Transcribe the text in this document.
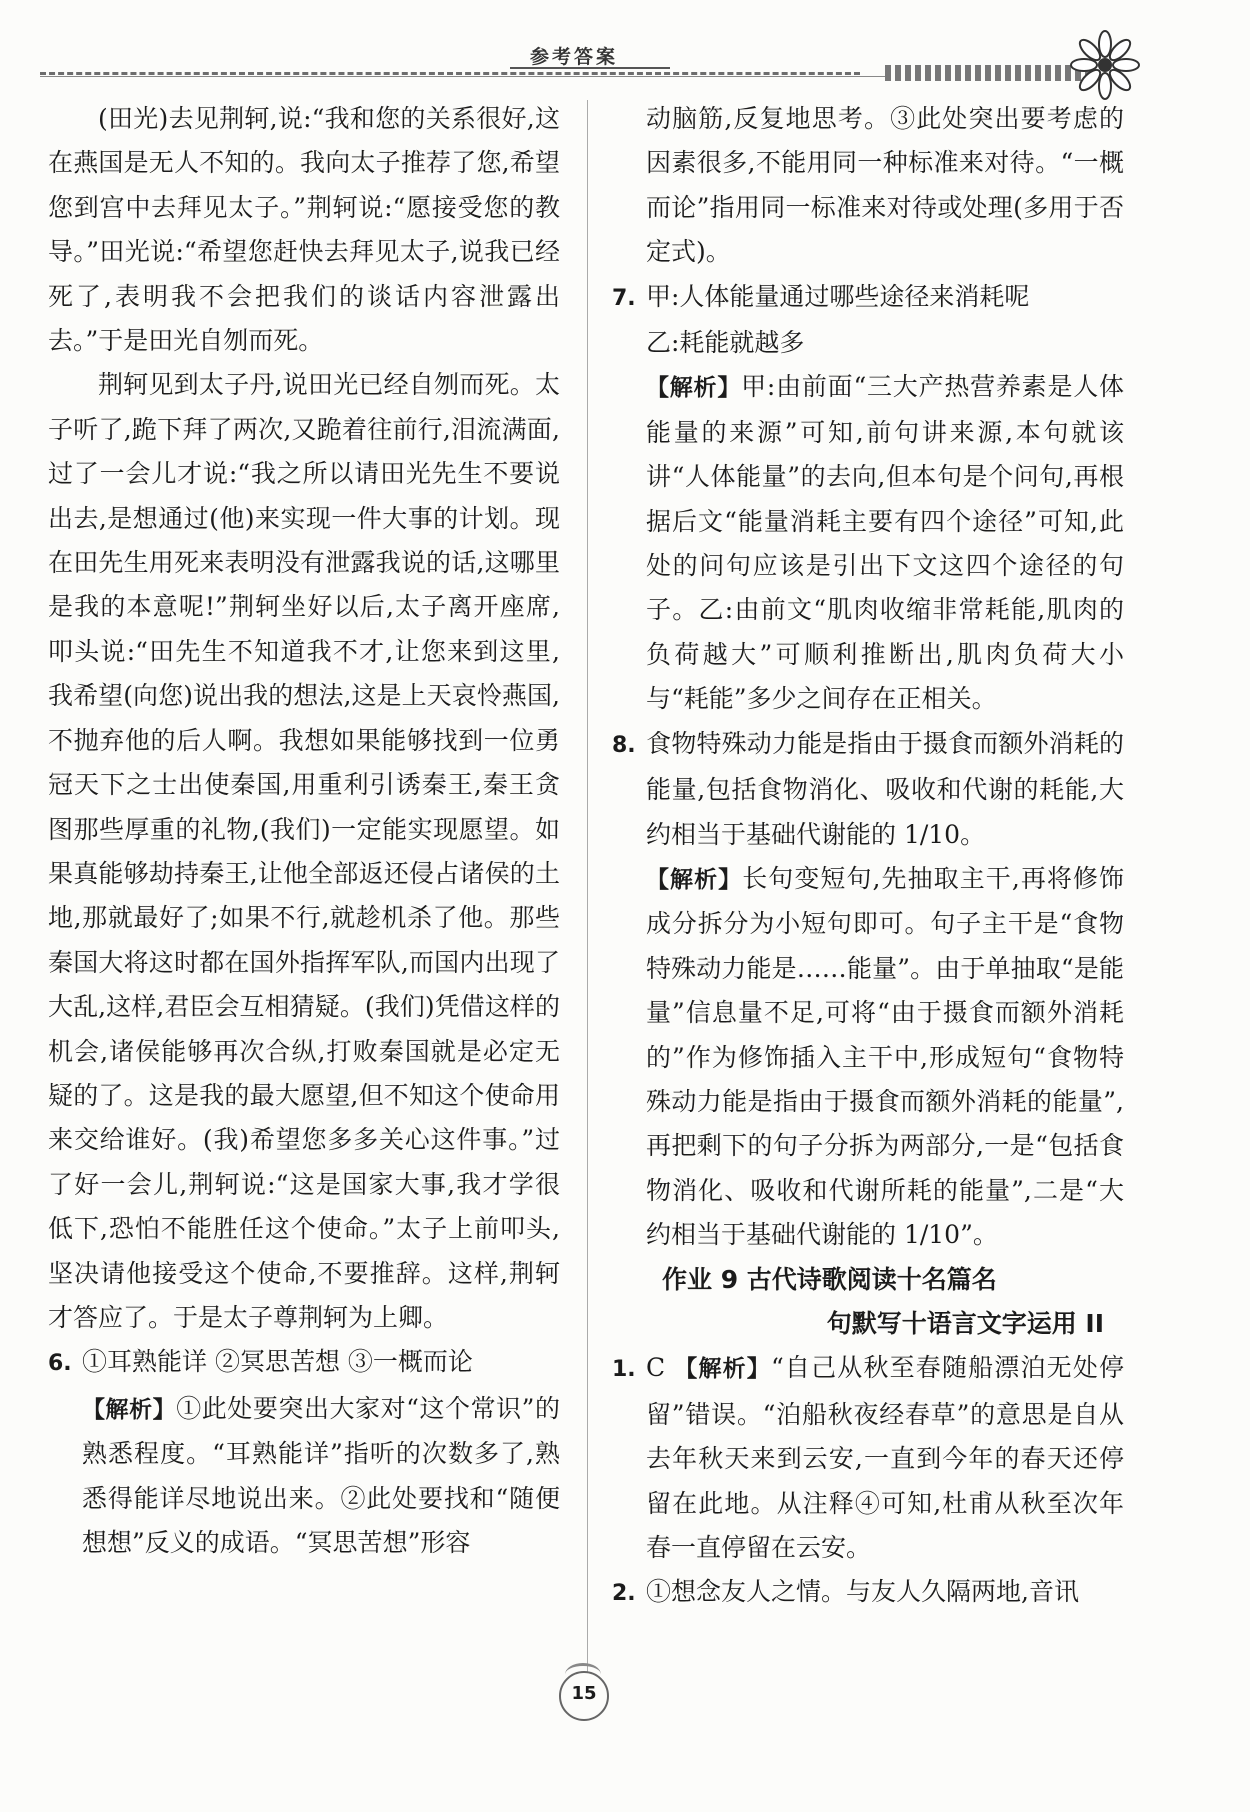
参考答案

(田光)去见荆轲,说:“我和您的关系很好,这在燕国是无人不知的。我向太子推荐了您,希望您到宫中去拜见太子。”荆轲说:“愿接受您的教导。”田光说:“希望您赶快去拜见太子,说我已经死了,表明我不会把我们的谈话内容泄露出去。”于是田光自刎而死。

荆轲见到太子丹,说田光已经自刎而死。太子听了,跪下拜了两次,又跪着往前行,泪流满面,过了一会儿才说:“我之所以请田光先生不要说出去,是想通过(他)来实现一件大事的计划。现在田先生用死来表明没有泄露我说的话,这哪里是我的本意呢!”荆轲坐好以后,太子离开座席,叩头说:“田先生不知道我不才,让您来到这里,我希望(向您)说出我的想法,这是上天哀怜燕国,不抛弃他的后人啊。我想如果能够找到一位勇冠天下之士出使秦国,用重利引诱秦王,秦王贪图那些厚重的礼物,(我们)一定能实现愿望。如果真能够劫持秦王,让他全部返还侵占诸侯的土地,那就最好了;如果不行,就趁机杀了他。那些秦国大将这时都在国外指挥军队,而国内出现了大乱,这样,君臣会互相猜疑。(我们)凭借这样的机会,诸侯能够再次合纵,打败秦国就是必定无疑的了。这是我的最大愿望,但不知这个使命用来交给谁好。(我)希望您多多关心这件事。”过了好一会儿,荆轲说:“这是国家大事,我才学很低下,恐怕不能胜任这个使命。”太子上前叩头,坚决请他接受这个使命,不要推辞。这样,荆轲才答应了。于是太子尊荆轲为上卿。

6. ①耳熟能详 ②冥思苦想 ③一概而论

【解析】①此处要突出大家对“这个常识”的熟悉程度。“耳熟能详”指听的次数多了,熟悉得能详尽地说出来。②此处要找和“随便想想”反义的成语。“冥思苦想”形容

动脑筋,反复地思考。③此处突出要考虑的因素很多,不能用同一种标准来对待。“一概而论”指用同一标准来对待或处理(多用于否定式)。

7. 甲:人体能量通过哪些途径来消耗呢

乙:耗能就越多

【解析】甲:由前面“三大产热营养素是人体能量的来源”可知,前句讲来源,本句就该讲“人体能量”的去向,但本句是个问句,再根据后文“能量消耗主要有四个途径”可知,此处的问句应该是引出下文这四个途径的句子。乙:由前文“肌肉收缩非常耗能,肌肉的负荷越大”可顺利推断出,肌肉负荷大小与“耗能”多少之间存在正相关。

8. 食物特殊动力能是指由于摄食而额外消耗的能量,包括食物消化、吸收和代谢的耗能,大约相当于基础代谢能的 1/10。

【解析】长句变短句,先抽取主干,再将修饰成分拆分为小短句即可。句子主干是“食物特殊动力能是……能量”。由于单抽取“是能量”信息量不足,可将“由于摄食而额外消耗的”作为修饰插入主干中,形成短句“食物特殊动力能是指由于摄食而额外消耗的能量”,再把剩下的句子分拆为两部分,一是“包括食物消化、吸收和代谢所耗的能量”,二是“大约相当于基础代谢能的 1/10”。

作业 9 古代诗歌阅读十名篇名

句默写十语言文字运用 II

1. C 【解析】“自己从秋至春随船漂泊无处停留”错误。“泊船秋夜经春草”的意思是自从去年秋天来到云安,一直到今年的春天还停留在此地。从注释④可知,杜甫从秋至次年春一直停留在云安。

2. ①想念友人之情。与友人久隔两地,音讯

15
